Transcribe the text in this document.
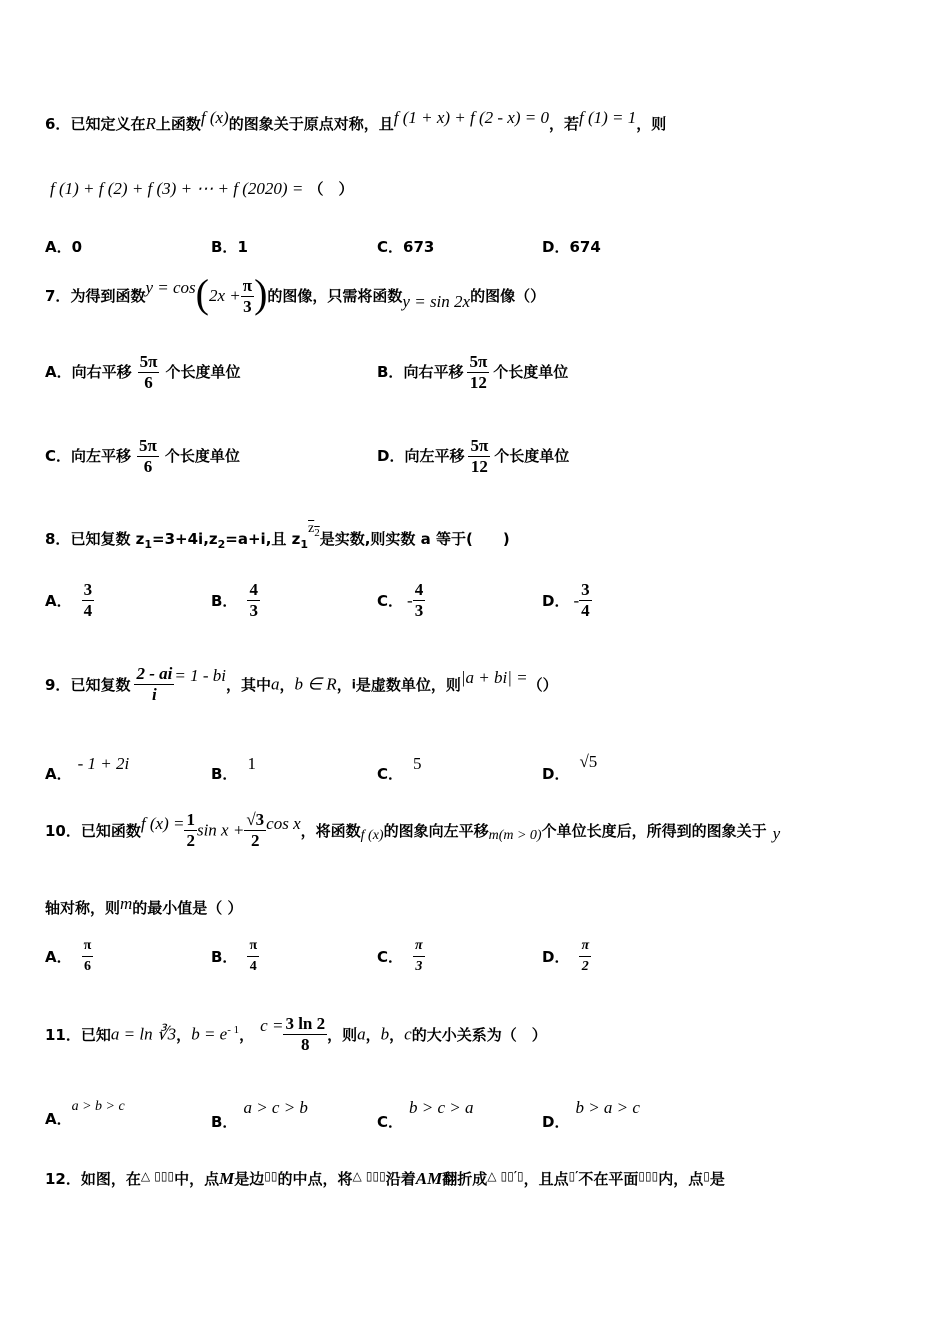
6．已知定义在R上函数f (x)的图象关于原点对称，且f (1 + x) + f (2 - x) = 0，若f (1) = 1，则
f (1) + f (2) + f (3) + ⋯ + f (2020) = （　）
A．0	B．1	C．673	D．674
7．为得到函数$y = \cos(2x + \frac{\pi}{3}$ )的图像，只需将函数y = sin 2x的图像（）
A．向右平移 $\frac{5\pi}{6}$ 个长度单位	B．向右平移 $\frac{5\pi}{12}$ 个长度单位
C．向左平移 $\frac{5\pi}{6}$ 个长度单位	D．向左平移 $\frac{5\pi}{12}$ 个长度单位
8．已知复数 $z_1=3+4i,z_2=a+i$,且 $z_1z_2$是实数,则实数 a 等于(　　)
A． $\frac{3}{4}$	B． $\frac{4}{3}$	C． - $\frac{4}{3}$	D． - $\frac{3}{4}$
9．已知复数 $\frac{2 - ai}{i} = 1$ - bi，其中a，b ∈ R，i是虚数单位，则|a + bi| =（）
A．- 1 + 2i
B．1
C．5
D．√5
10．已知函数f $(x) = \frac{1}{2}$ $\sin x + \frac{√3}{2}$ cos x，将函数f (x)的图象向左平移m(m > 0)个单位长度后，所得到的图象关于 y
轴对称，则m的最小值是（ ）
A． $\frac{\pi}{6}$	B． $\frac{\pi}{4}$	C． $\frac{\pi}{3}$	D． $\frac{\pi}{2}$
11．已知a = ln ∛3，$b = e^{- 1}$， $c = \frac{3 \ln 2}{8}$ ，则a，b，c的大小关系为（　）
A．a > b > c
B．a > c > b
C．b > c > a
D．b > a > c
12．如图，在△ ▯▯▯中，点M是边▯▯的中点，将△ ▯▯▯沿着AM翻折成△ ▯▯′▯，且点▯′不在平面▯▯▯内，点▯是
